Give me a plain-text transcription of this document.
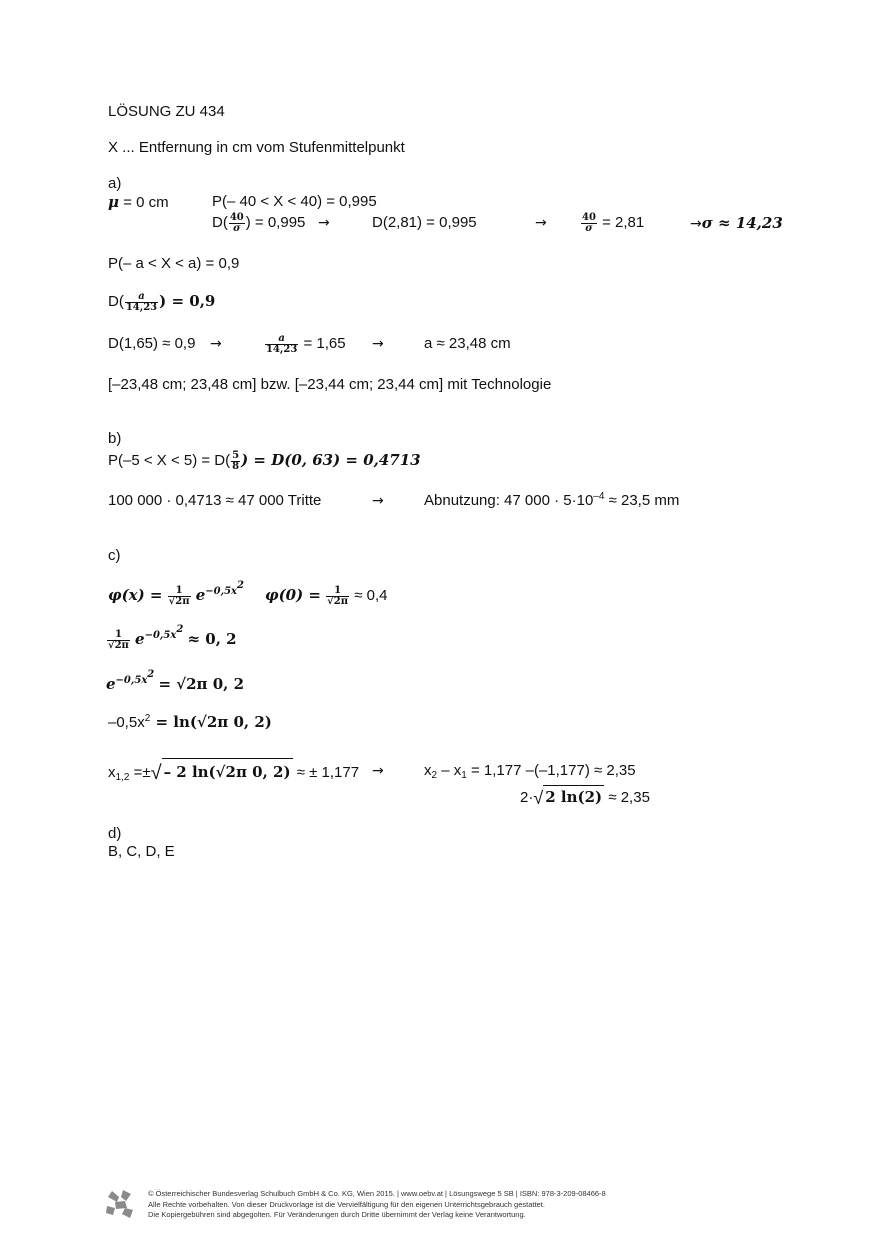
LÖSUNG ZU 434
X ... Entfernung in cm vom Stufenmittelpunkt
a)
μ = 0 cm	P(– 40 < X < 40) = 0,995
$D( \frac{40}{\sigma}$ ) = 0,995 →	D(2,81) = 0,995	→	$\frac{40}{\sigma} = 2,81$	→σ ≈ 14,23
P(– a < X < a) = 0,9
$D( \frac{a}{14,23}$ ) = 0,9
D(1,65) ≈ 0,9 →	$\frac{a}{14,23} = 1,65$ →	a ≈ 23,48 cm
[–23,48 cm; 23,48 cm] bzw. [–23,44 cm; 23,44 cm] mit Technologie
b)
$P(-5 < X < 5) = D( \frac{5}{8}$ ) = D(0, 63) = 0,4713
100 000 · 0,4713 ≈ 47 000 Tritte	→	Abnutzung: 47 $000 \cdot 5\cdot 10^{-4} \approx 23,5$ mm
c)
$\varphi(x) = \frac{1}{√2\pi} e^{-0,5x^2}$
$\varphi(0) = \frac{1}{√2\pi} \approx 0,4$
$\frac{1}{√2\pi} e^{-0,5x^2} \approx 0$, 2
$e^{-0,5x^2} = √2\pi$ 0, 2
$-0,5x^2 = \ln(√2\pi$ 0, 2)
$x_{1,2}$ =±√ – 2 ln(√2π 0, 2) ≈ ± 1,177 →	$x_2 - x_1 = 1,177$ –(–1,177) ≈ 2,35
2·√ 2 ln(2) ≈ 2,35
d)
B, C, D, E
© Österreichischer Bundesverlag Schulbuch GmbH & Co. KG, Wien 2015. | www.oebv.at | Lösungswege 5 SB | ISBN: 978-3-209-08466-8
Alle Rechte vorbehalten. Von dieser Druckvorlage ist die Vervielfältigung für den eigenen Unterrichtsgebrauch gestattet.
Die Kopiergebühren sind abgegolten. Für Veränderungen durch Dritte übernimmt der Verlag keine Verantwortung.
